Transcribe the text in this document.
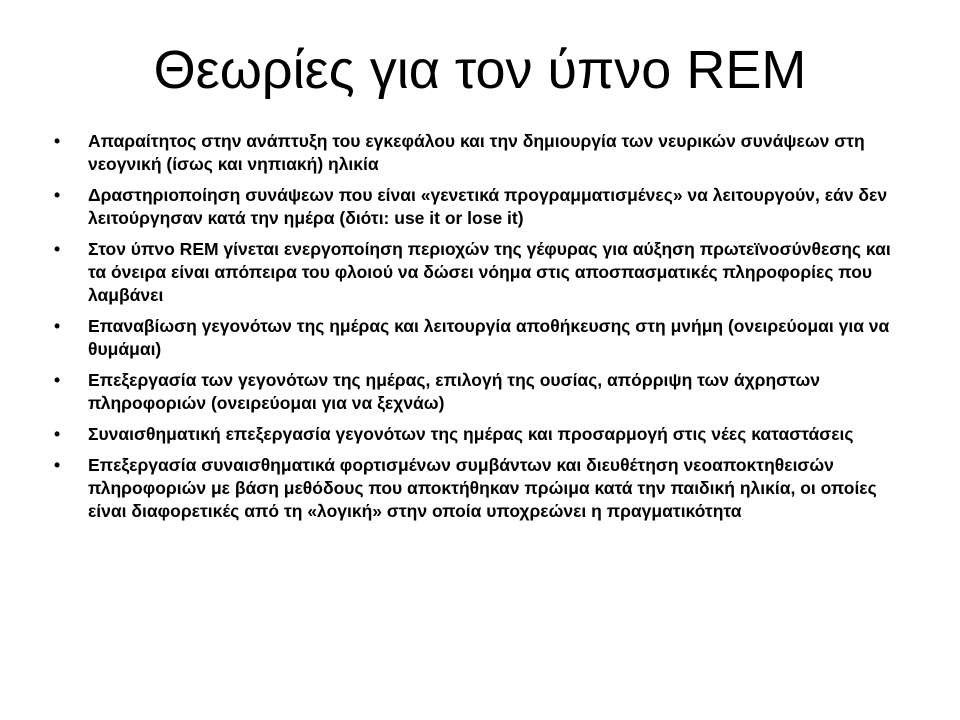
Θεωρίες για τον ύπνο REM
• Απαραίτητος στην ανάπτυξη του εγκεφάλου και την δημιουργία των νευρικών συνάψεων στη νεογνική (ίσως και νηπιακή) ηλικία
• Δραστηριοποίηση συνάψεων που είναι «γενετικά προγραμματισμένες» να λειτουργούν, εάν δεν λειτούργησαν κατά την ημέρα (διότι: use it or lose it)
• Στον ύπνο REM γίνεται ενεργοποίηση περιοχών της γέφυρας για αύξηση πρωτεϊνοσύνθεσης και τα όνειρα είναι απόπειρα του φλοιού να δώσει νόημα στις αποσπασματικές πληροφορίες που λαμβάνει
• Επαναβίωση γεγονότων της ημέρας και λειτουργία αποθήκευσης στη μνήμη (ονειρεύομαι για να θυμάμαι)
• Επεξεργασία των γεγονότων της ημέρας, επιλογή της ουσίας, απόρριψη των άχρηστων πληροφοριών (ονειρεύομαι για να ξεχνάω)
• Συναισθηματική επεξεργασία γεγονότων της ημέρας και προσαρμογή στις νέες καταστάσεις
• Επεξεργασία συναισθηματικά φορτισμένων συμβάντων και διευθέτηση νεοαποκτηθεισών πληροφοριών με βάση μεθόδους που αποκτήθηκαν πρώιμα κατά την παιδική ηλικία, οι οποίες είναι διαφορετικές από τη «λογική» στην οποία υποχρεώνει η πραγματικότητα
